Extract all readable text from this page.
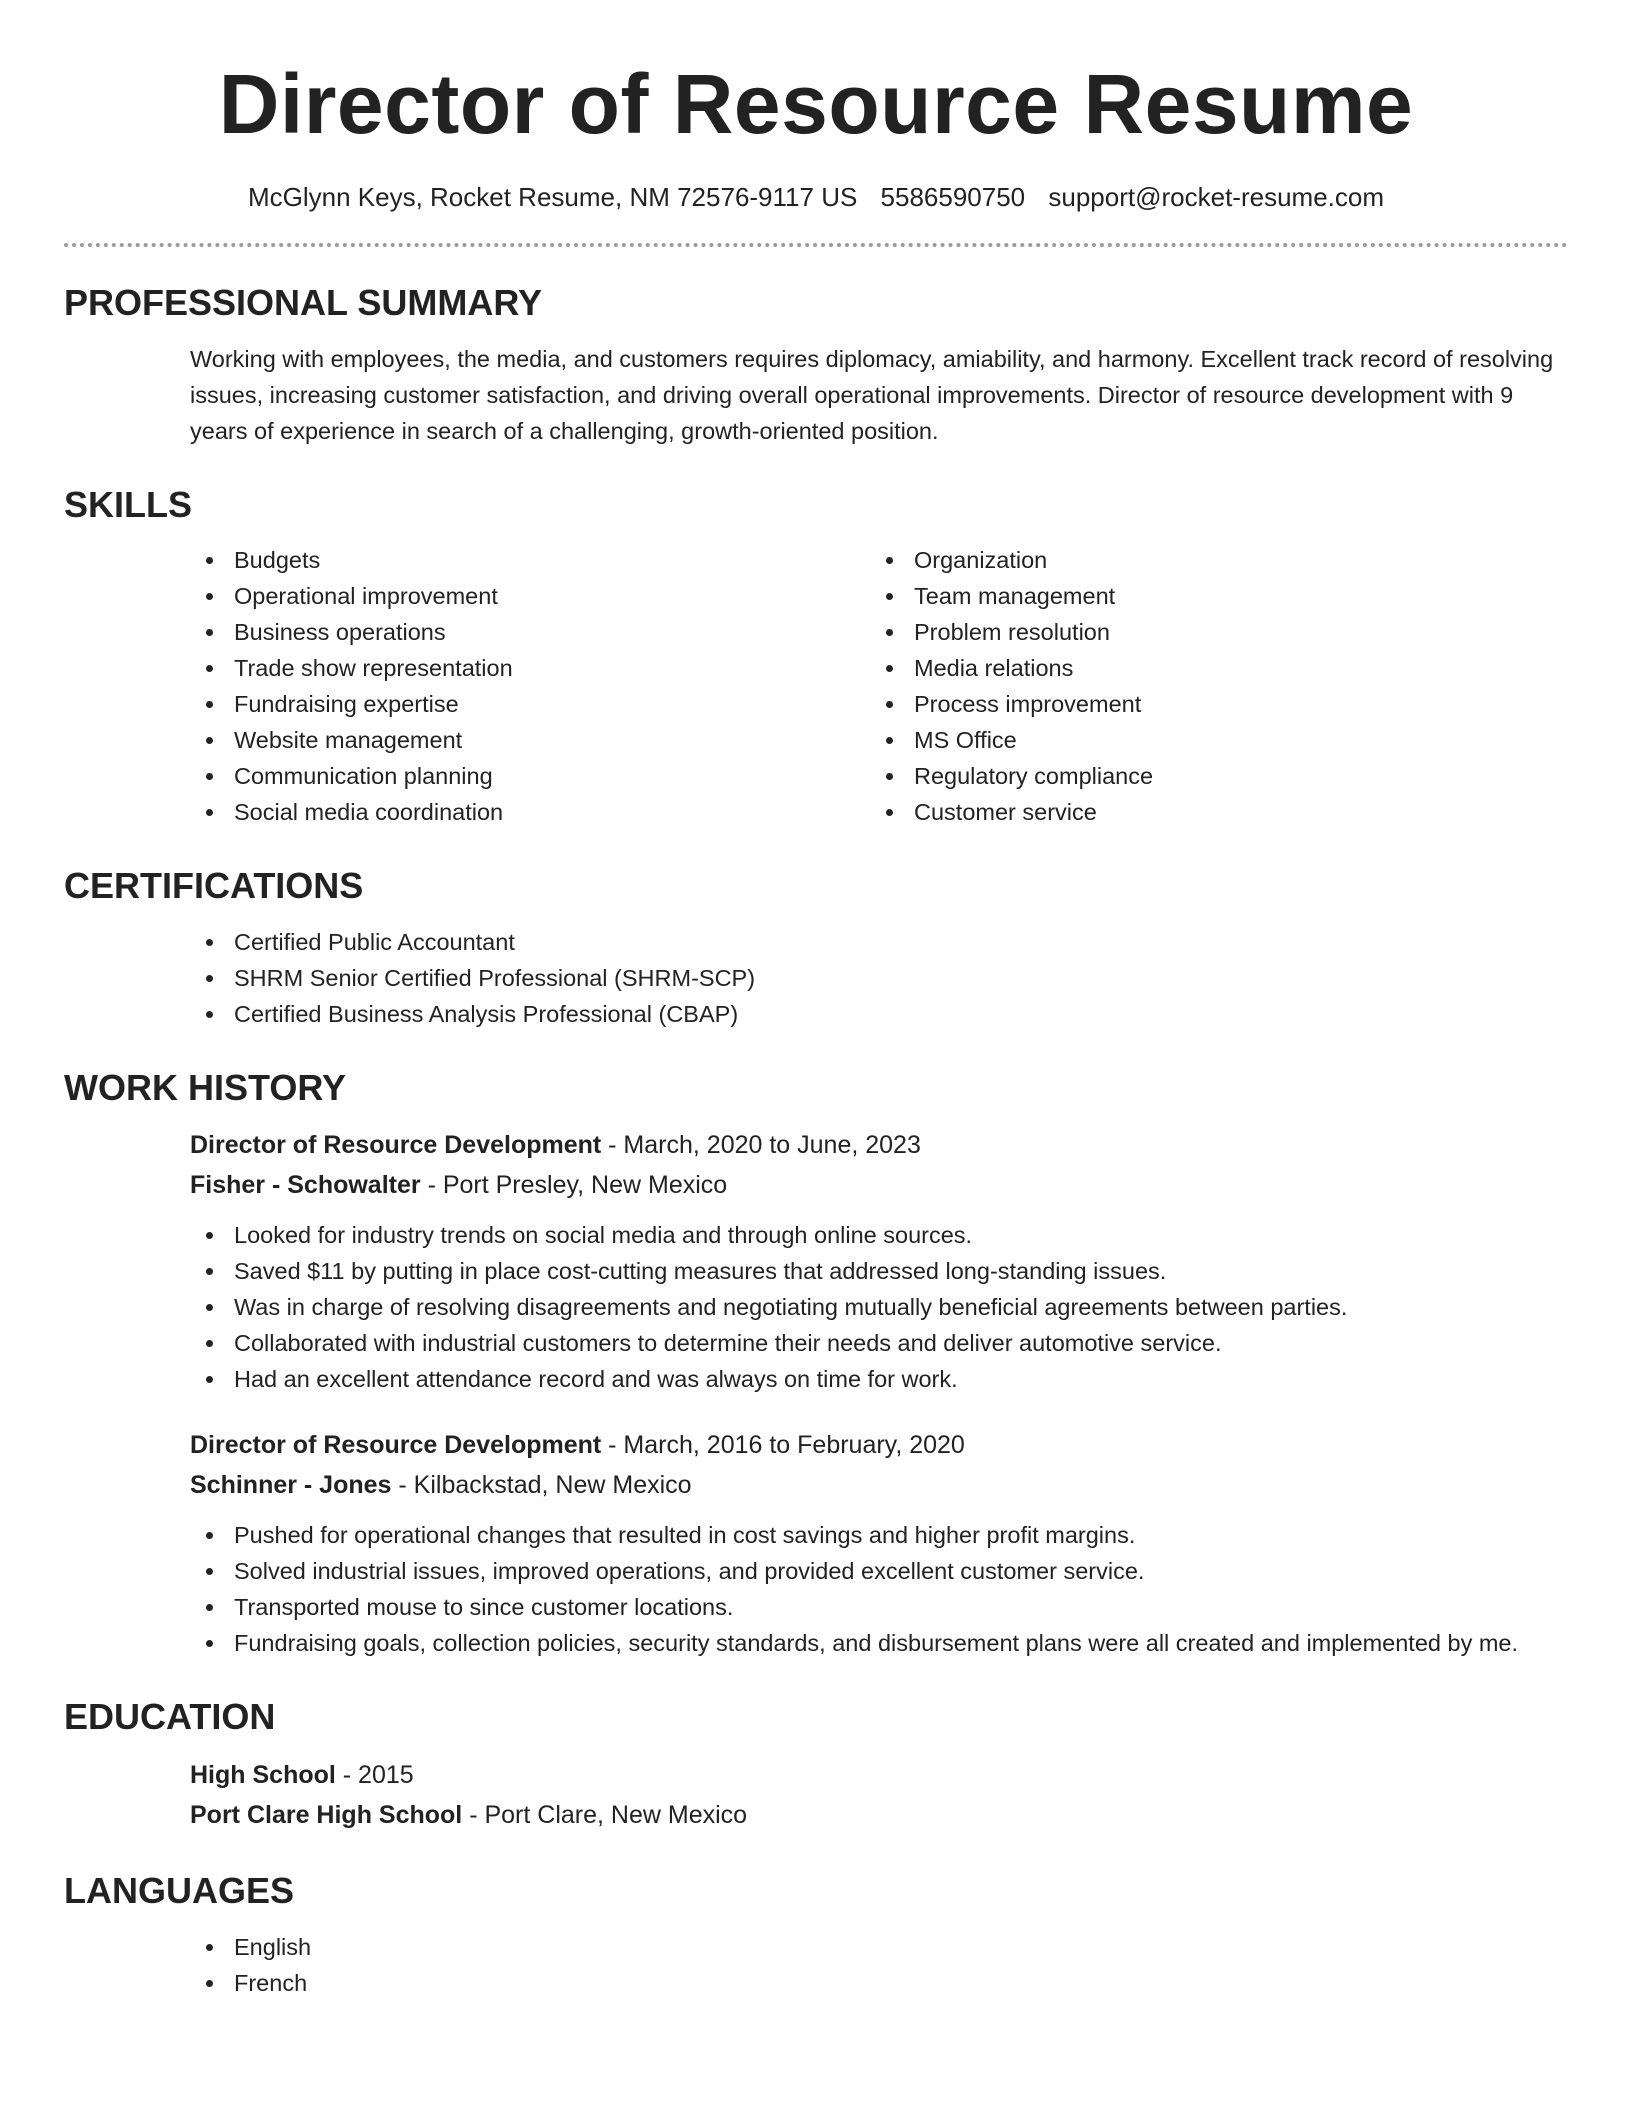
Director of Resource Resume
McGlynn Keys, Rocket Resume, NM 72576-9117 US 5586590750 support@rocket-resume.com
PROFESSIONAL SUMMARY

Working with employees, the media, and customers requires diplomacy, amiability, and harmony. Excellent track record of resolving issues, increasing customer satisfaction, and driving overall operational improvements. Director of resource development with 9 years of experience in search of a challenging, growth-oriented position.

SKILLS
Budgets
Operational improvement
Business operations
Trade show representation
Fundraising expertise
Website management
Communication planning
Social media coordination
Organization
Team management
Problem resolution
Media relations
Process improvement
MS Office
Regulatory compliance
Customer service
CERTIFICATIONS
Certified Public Accountant
SHRM Senior Certified Professional (SHRM-SCP)
Certified Business Analysis Professional (CBAP)
WORK HISTORY
Director of Resource Development - March, 2020 to June, 2023
Fisher - Schowalter - Port Presley, New Mexico
Looked for industry trends on social media and through online sources.
Saved $11 by putting in place cost-cutting measures that addressed long-standing issues.
Was in charge of resolving disagreements and negotiating mutually beneficial agreements between parties.
Collaborated with industrial customers to determine their needs and deliver automotive service.
Had an excellent attendance record and was always on time for work.
Director of Resource Development - March, 2016 to February, 2020
Schinner - Jones - Kilbackstad, New Mexico
Pushed for operational changes that resulted in cost savings and higher profit margins.
Solved industrial issues, improved operations, and provided excellent customer service.
Transported mouse to since customer locations.
Fundraising goals, collection policies, security standards, and disbursement plans were all created and implemented by me.
EDUCATION
High School - 2015
Port Clare High School - Port Clare, New Mexico
LANGUAGES
English
French
